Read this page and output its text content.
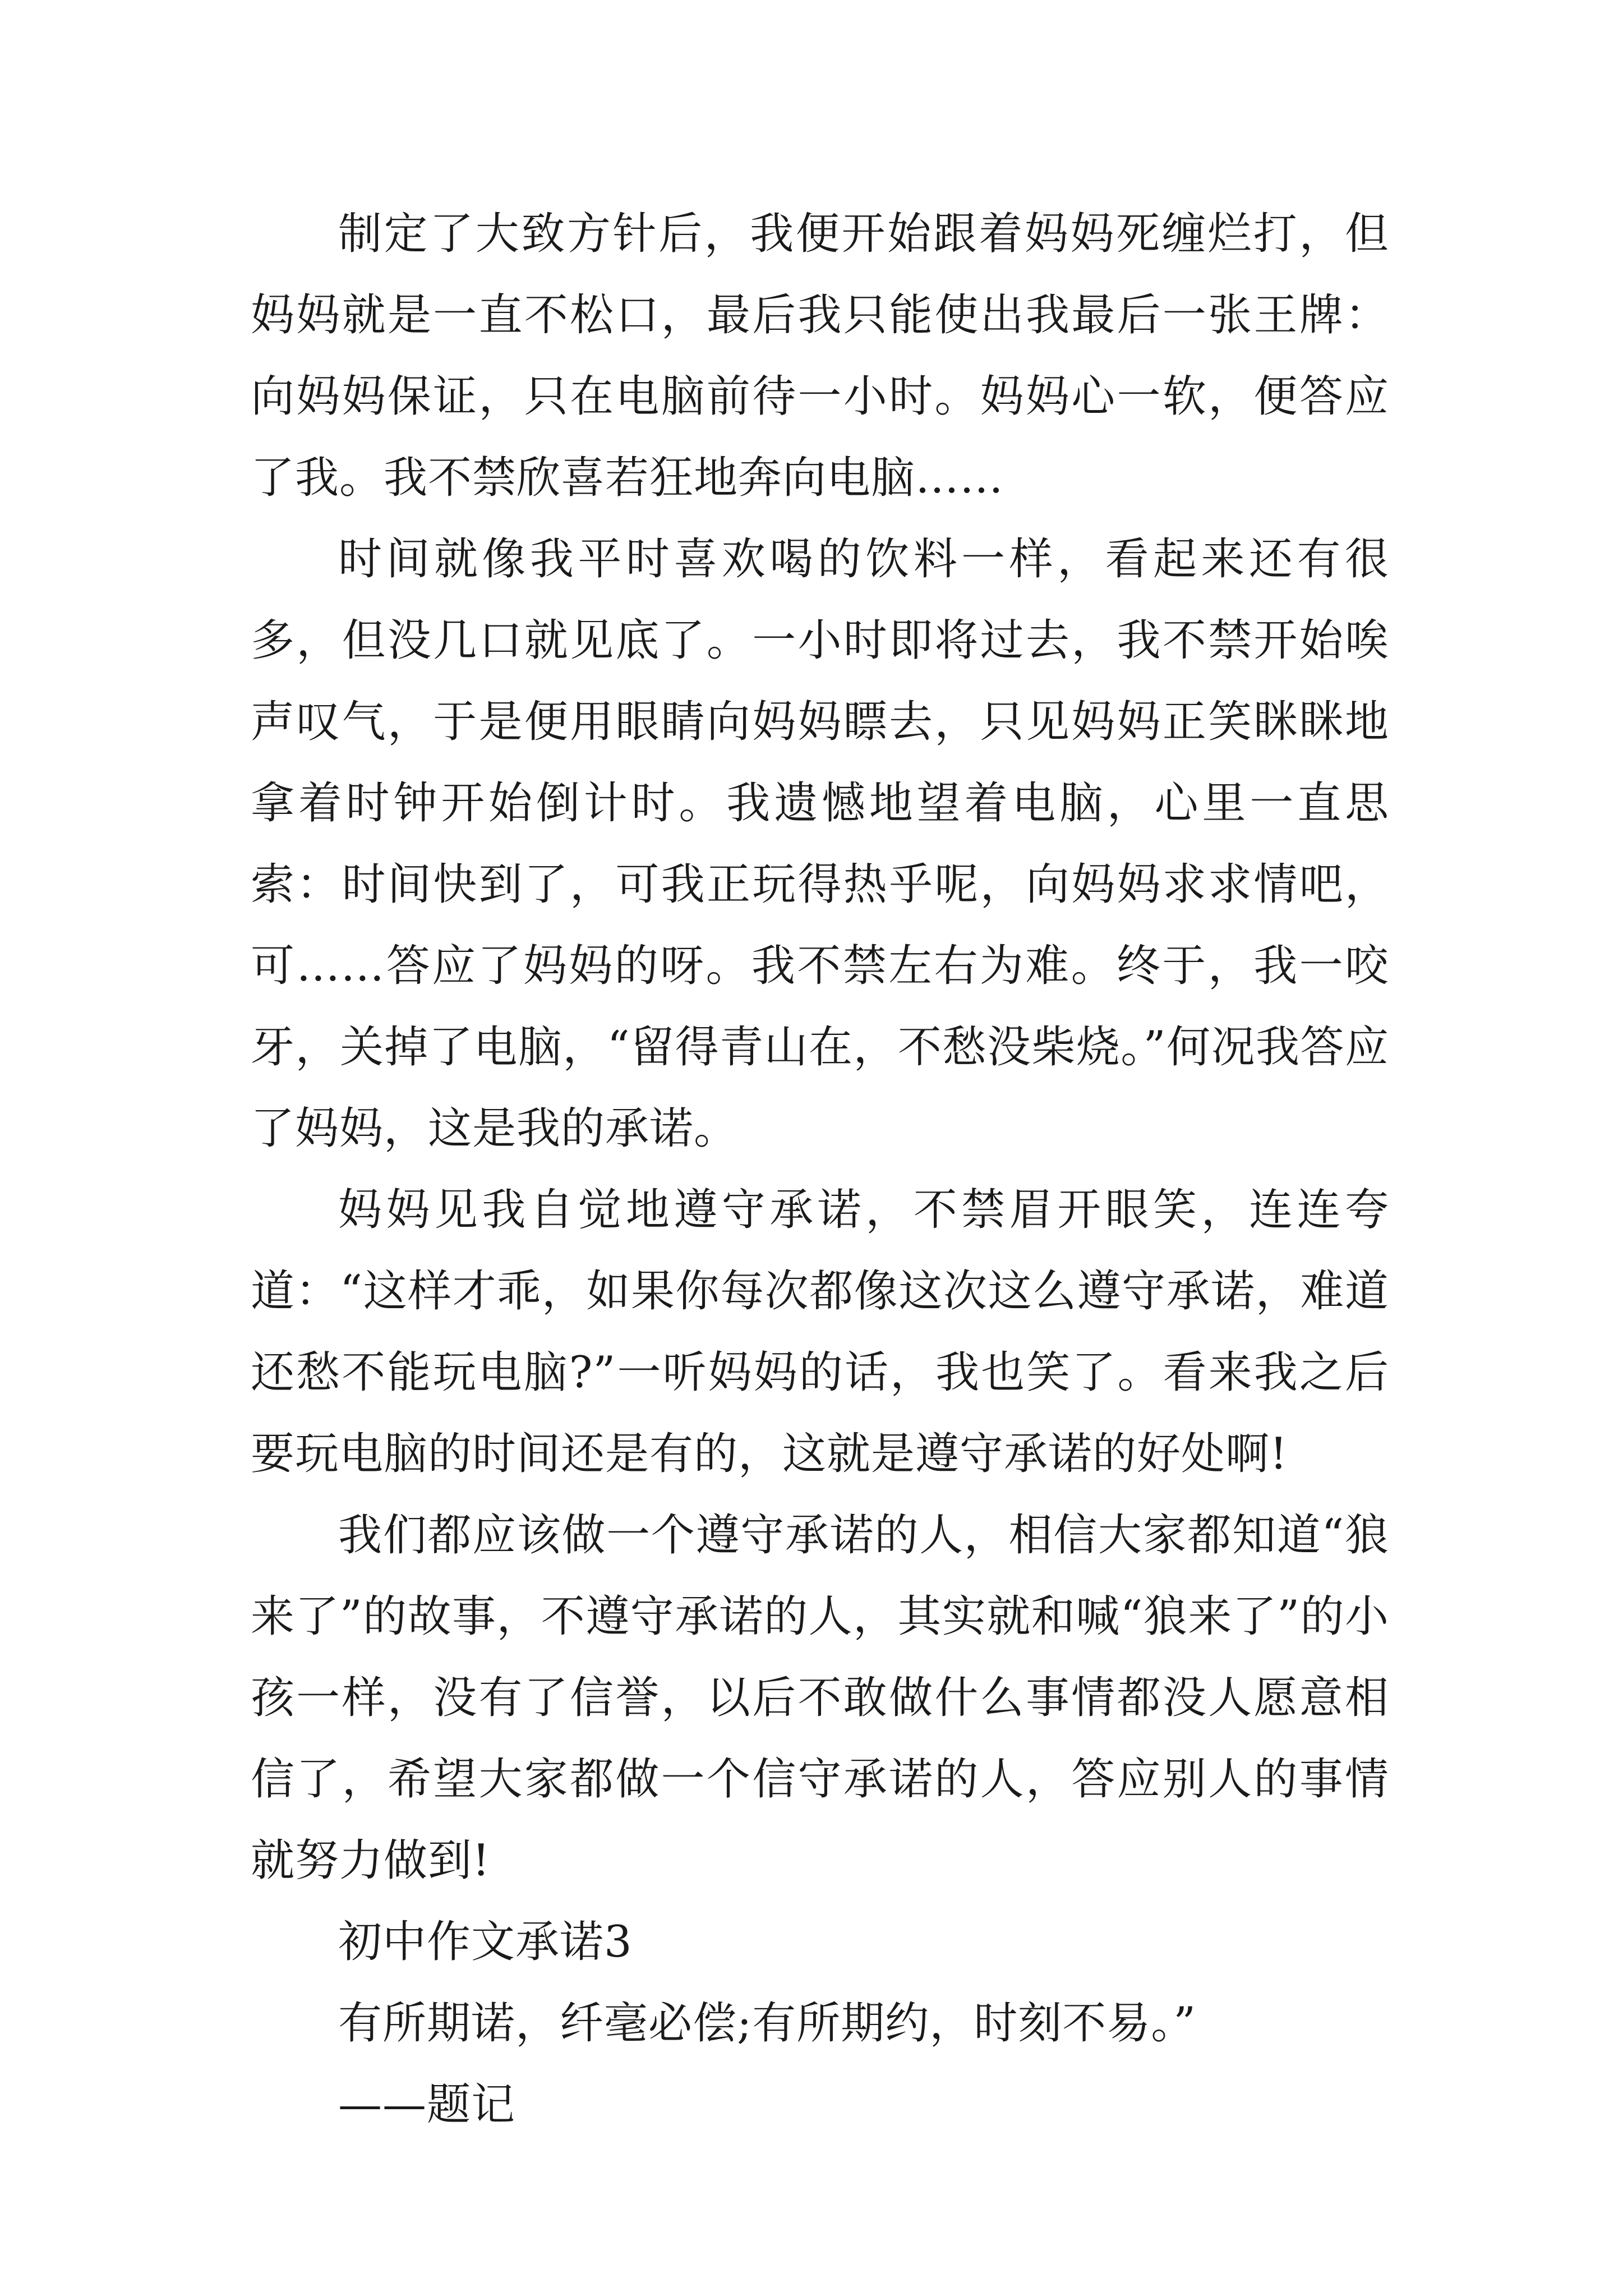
制定了大致方针后，我便开始跟着妈妈死缠烂打，但妈妈就是一直不松口，最后我只能使出我最后一张王牌：向妈妈保证，只在电脑前待一小时。妈妈心一软，便答应了我。我不禁欣喜若狂地奔向电脑……

时间就像我平时喜欢喝的饮料一样，看起来还有很多，但没几口就见底了。一小时即将过去，我不禁开始唉声叹气，于是便用眼睛向妈妈瞟去，只见妈妈正笑眯眯地拿着时钟开始倒计时。我遗憾地望着电脑，心里一直思索：时间快到了，可我正玩得热乎呢，向妈妈求求情吧，可……答应了妈妈的呀。我不禁左右为难。终于，我一咬牙，关掉了电脑，“留得青山在，不愁没柴烧。”何况我答应了妈妈，这是我的承诺。

妈妈见我自觉地遵守承诺，不禁眉开眼笑，连连夸道：“这样才乖，如果你每次都像这次这么遵守承诺，难道还愁不能玩电脑?”一听妈妈的话，我也笑了。看来我之后要玩电脑的时间还是有的，这就是遵守承诺的好处啊!

我们都应该做一个遵守承诺的人，相信大家都知道“狼来了”的故事，不遵守承诺的人，其实就和喊“狼来了”的小孩一样，没有了信誉，以后不敢做什么事情都没人愿意相信了，希望大家都做一个信守承诺的人，答应别人的事情就努力做到!

初中作文承诺3

有所期诺，纤毫必偿;有所期约，时刻不易。”

——题记
